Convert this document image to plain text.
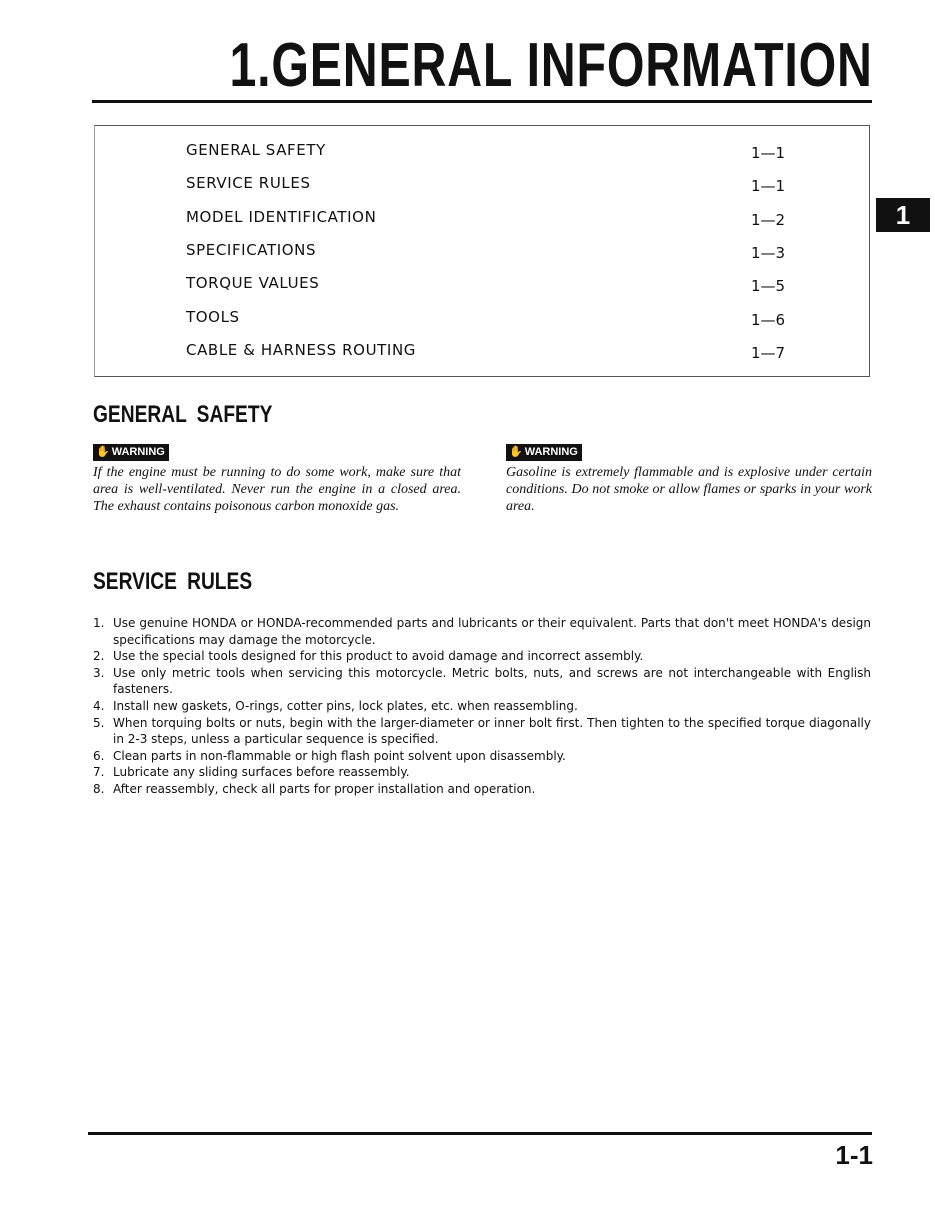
1.GENERAL INFORMATION
GENERAL SAFETY	1—1
SERVICE RULES	1—1
MODEL IDENTIFICATION	1—2
SPECIFICATIONS	1—3
TORQUE VALUES	1—5
TOOLS	1—6
CABLE & HARNESS ROUTING	1—7
1
GENERAL SAFETY
✋ WARNING
If the engine must be running to do some work, make sure that area is well-ventilated. Never run the engine in a closed area. The exhaust contains poisonous carbon monoxide gas.
✋ WARNING
Gasoline is extremely flammable and is explosive under certain conditions. Do not smoke or allow flames or sparks in your work area.
SERVICE RULES
1. Use genuine HONDA or HONDA-recommended parts and lubricants or their equivalent. Parts that don't meet HONDA's design specifications may damage the motorcycle.
2. Use the special tools designed for this product to avoid damage and incorrect assembly.
3. Use only metric tools when servicing this motorcycle. Metric bolts, nuts, and screws are not interchangeable with English fasteners.
4. Install new gaskets, O-rings, cotter pins, lock plates, etc. when reassembling.
5. When torquing bolts or nuts, begin with the larger-diameter or inner bolt first. Then tighten to the specified torque diagonally in 2-3 steps, unless a particular sequence is specified.
6. Clean parts in non-flammable or high flash point solvent upon disassembly.
7. Lubricate any sliding surfaces before reassembly.
8. After reassembly, check all parts for proper installation and operation.
1-1
